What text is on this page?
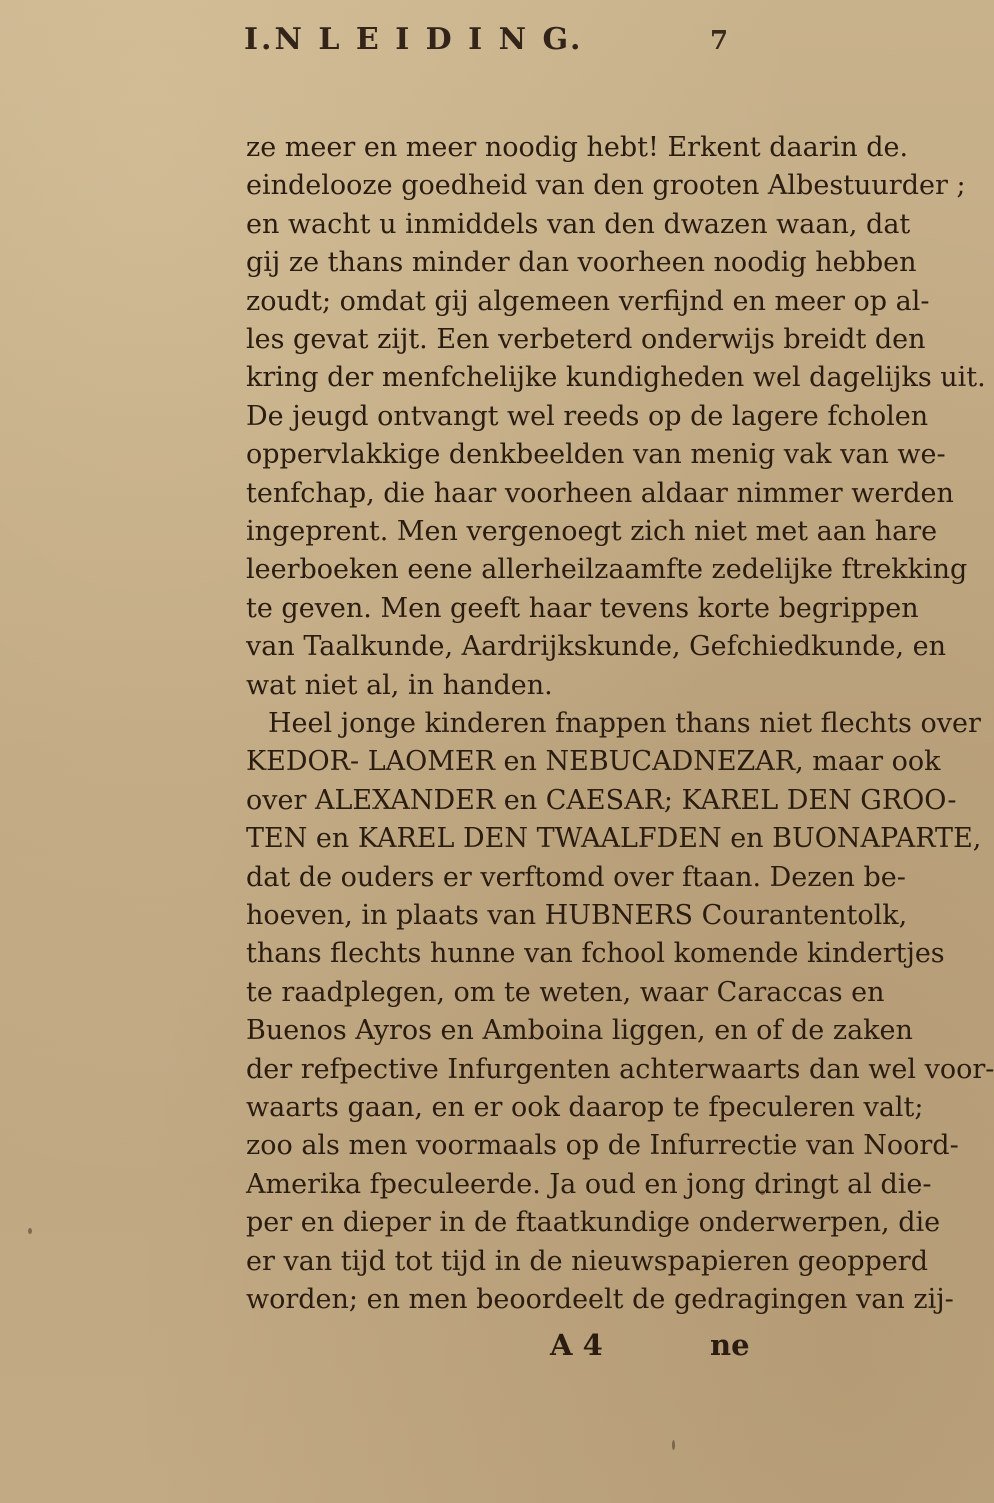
I.N L E I D I N G.	7
ze meer en meer noodig hebt! Erkent daarin de.
eindelooze goedheid van den grooten Albestuurder ;
en wacht u inmiddels van den dwazen waan, dat
gij ze thans minder dan voorheen noodig hebben
zoudt; omdat gij algemeen verfijnd en meer op al-
les gevat zijt. Een verbeterd onderwijs breidt den
kring der menfchelijke kundigheden wel dagelijks uit.
De jeugd ontvangt wel reeds op de lagere fcholen
oppervlakkige denkbeelden van menig vak van we-
tenfchap, die haar voorheen aldaar nimmer werden
ingeprent. Men vergenoegt zich niet met aan hare
leerboeken eene allerheilzaamfte zedelijke ftrekking
te geven. Men geeft haar tevens korte begrippen
van Taalkunde, Aardrijkskunde, Gefchiedkunde, en
wat niet al, in handen.
Heel jonge kinderen fnappen thans niet flechts over
KEDOR- LAOMER en NEBUCADNEZAR, maar ook
over ALEXANDER en CAESAR; KAREL DEN GROO-
TEN en KAREL DEN TWAALFDEN en BUONAPARTE,
dat de ouders er verftomd over ftaan. Dezen be-
hoeven, in plaats van HUBNERS Courantentolk,
thans flechts hunne van fchool komende kindertjes
te raadplegen, om te weten, waar Caraccas en
Buenos Ayros en Amboina liggen, en of de zaken
der refpective Infurgenten achterwaarts dan wel voor-
waarts gaan, en er ook daarop te fpeculeren valt;
zoo als men voormaals op de Infurrectie van Noord-
Amerika fpeculeerde. Ja oud en jong dringt al die-
per en dieper in de ftaatkundige onderwerpen, die
er van tijd tot tijd in de nieuwspapieren geopperd
worden; en men beoordeelt de gedragingen van zij-
A 4	ne
